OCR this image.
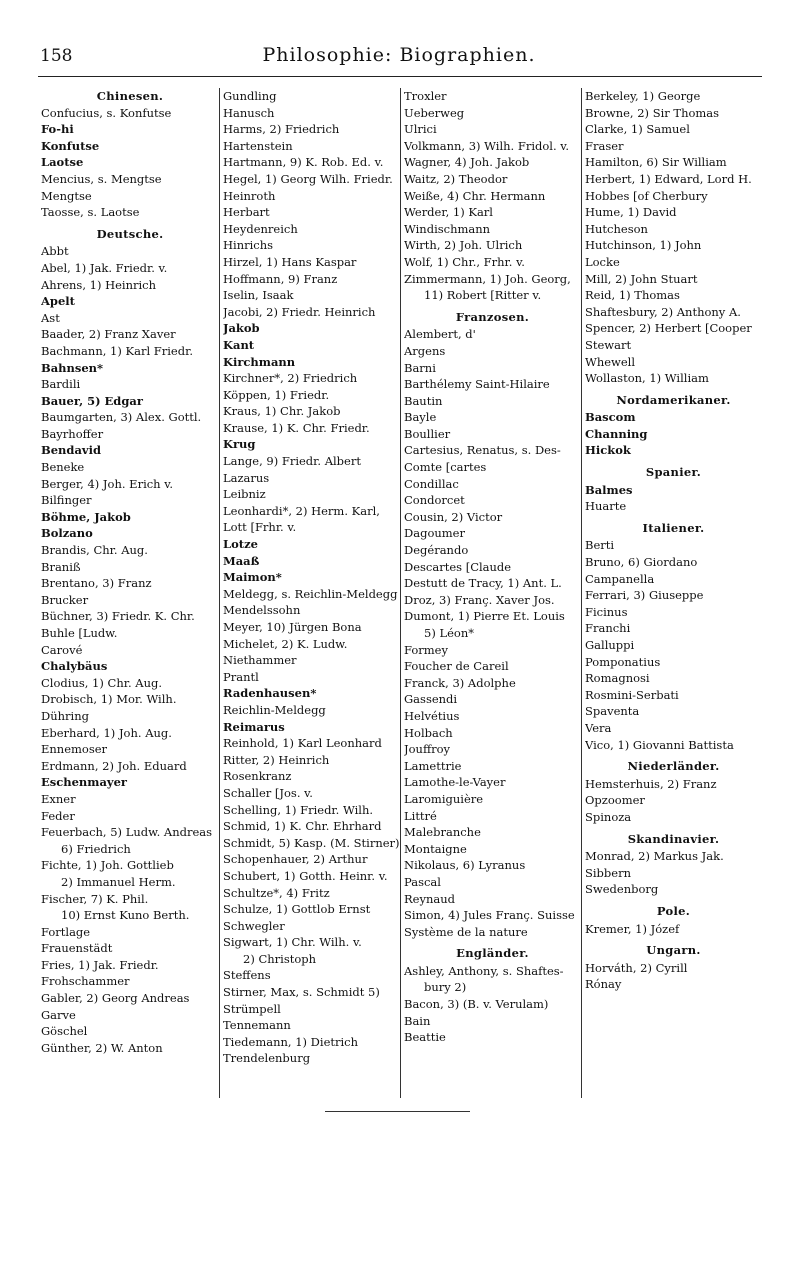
158	Philosophie: Biographien.
Chinesen.
Confucius, s. Konfutse
Fo-hi
Konfutse
Laotse
Mencius, s. Mengtse
Mengtse
Taosse, s. Laotse
Deutsche.
Abbt
Abel, 1) Jak. Friedr. v.
Ahrens, 1) Heinrich
Apelt
Ast
Baader, 2) Franz Xaver
Bachmann, 1) Karl Friedr.
Bahnsen*
Bardili
Bauer, 5) Edgar
Baumgarten, 3) Alex. Gottl.
Bayrhoffer
Bendavid
Beneke
Berger, 4) Joh. Erich v.
Bilfinger
Böhme, Jakob
Bolzano
Brandis, Chr. Aug.
Braniß
Brentano, 3) Franz
Brucker
Büchner, 3) Friedr. K. Chr.
Buhle [Ludw.
Carové
Chalybäus
Clodius, 1) Chr. Aug.
Drobisch, 1) Mor. Wilh.
Dühring
Eberhard, 1) Joh. Aug.
Ennemoser
Erdmann, 2) Joh. Eduard
Eschenmayer
Exner
Feder
Feuerbach, 5) Ludw. Andreas
6) Friedrich
Fichte, 1) Joh. Gottlieb
2) Immanuel Herm.
Fischer, 7) K. Phil.
10) Ernst Kuno Berth.
Fortlage
Frauenstädt
Fries, 1) Jak. Friedr.
Frohschammer
Gabler, 2) Georg Andreas
Garve
Göschel
Günther, 2) W. Anton
Gundling
Hanusch
Harms, 2) Friedrich
Hartenstein
Hartmann, 9) K. Rob. Ed. v.
Hegel, 1) Georg Wilh. Friedr.
Heinroth
Herbart
Heydenreich
Hinrichs
Hirzel, 1) Hans Kaspar
Hoffmann, 9) Franz
Iselin, Isaak
Jacobi, 2) Friedr. Heinrich
Jakob
Kant
Kirchmann
Kirchner*, 2) Friedrich
Köppen, 1) Friedr.
Kraus, 1) Chr. Jakob
Krause, 1) K. Chr. Friedr.
Krug
Lange, 9) Friedr. Albert
Lazarus
Leibniz
Leonhardi*, 2) Herm. Karl,
Lott [Frhr. v.
Lotze
Maaß
Maimon*
Meldegg, s. Reichlin-Meldegg
Mendelssohn
Meyer, 10) Jürgen Bona
Michelet, 2) K. Ludw.
Niethammer
Prantl
Radenhausen*
Reichlin-Meldegg
Reimarus
Reinhold, 1) Karl Leonhard
Ritter, 2) Heinrich
Rosenkranz
Schaller [Jos. v.
Schelling, 1) Friedr. Wilh.
Schmid, 1) K. Chr. Ehrhard
Schmidt, 5) Kasp. (M. Stirner)
Schopenhauer, 2) Arthur
Schubert, 1) Gotth. Heinr. v.
Schultze*, 4) Fritz
Schulze, 1) Gottlob Ernst
Schwegler
Sigwart, 1) Chr. Wilh. v.
2) Christoph
Steffens
Stirner, Max, s. Schmidt 5)
Strümpell
Tennemann
Tiedemann, 1) Dietrich
Trendelenburg
Troxler
Ueberweg
Ulrici
Volkmann, 3) Wilh. Fridol. v.
Wagner, 4) Joh. Jakob
Waitz, 2) Theodor
Weiße, 4) Chr. Hermann
Werder, 1) Karl
Windischmann
Wirth, 2) Joh. Ulrich
Wolf, 1) Chr., Frhr. v.
Zimmermann, 1) Joh. Georg,
11) Robert [Ritter v.
Franzosen.
Alembert, d'
Argens
Barni
Barthélemy Saint-Hilaire
Bautin
Bayle
Boullier
Cartesius, Renatus, s. Des-
Comte [cartes
Condillac
Condorcet
Cousin, 2) Victor
Dagoumer
Degérando
Descartes [Claude
Destutt de Tracy, 1) Ant. L.
Droz, 3) Franç. Xaver Jos.
Dumont, 1) Pierre Et. Louis
5) Léon*
Formey
Foucher de Careil
Franck, 3) Adolphe
Gassendi
Helvétius
Holbach
Jouffroy
Lamettrie
Lamothe-le-Vayer
Laromiguière
Littré
Malebranche
Montaigne
Nikolaus, 6) Lyranus
Pascal
Reynaud
Simon, 4) Jules Franç. Suisse
Système de la nature
Engländer.
Ashley, Anthony, s. Shaftes-
bury 2)
Bacon, 3) (B. v. Verulam)
Bain
Beattie
Berkeley, 1) George
Browne, 2) Sir Thomas
Clarke, 1) Samuel
Fraser
Hamilton, 6) Sir William
Herbert, 1) Edward, Lord H.
Hobbes [of Cherbury
Hume, 1) David
Hutcheson
Hutchinson, 1) John
Locke
Mill, 2) John Stuart
Reid, 1) Thomas
Shaftesbury, 2) Anthony A.
Spencer, 2) Herbert [Cooper
Stewart
Whewell
Wollaston, 1) William
Nordamerikaner.
Bascom
Channing
Hickok
Spanier.
Balmes
Huarte
Italiener.
Berti
Bruno, 6) Giordano
Campanella
Ferrari, 3) Giuseppe
Ficinus
Franchi
Galluppi
Pomponatius
Romagnosi
Rosmini-Serbati
Spaventa
Vera
Vico, 1) Giovanni Battista
Niederländer.
Hemsterhuis, 2) Franz
Opzoomer
Spinoza
Skandinavier.
Monrad, 2) Markus Jak.
Sibbern
Swedenborg
Pole.
Kremer, 1) Józef
Ungarn.
Horváth, 2) Cyrill
Rónay
